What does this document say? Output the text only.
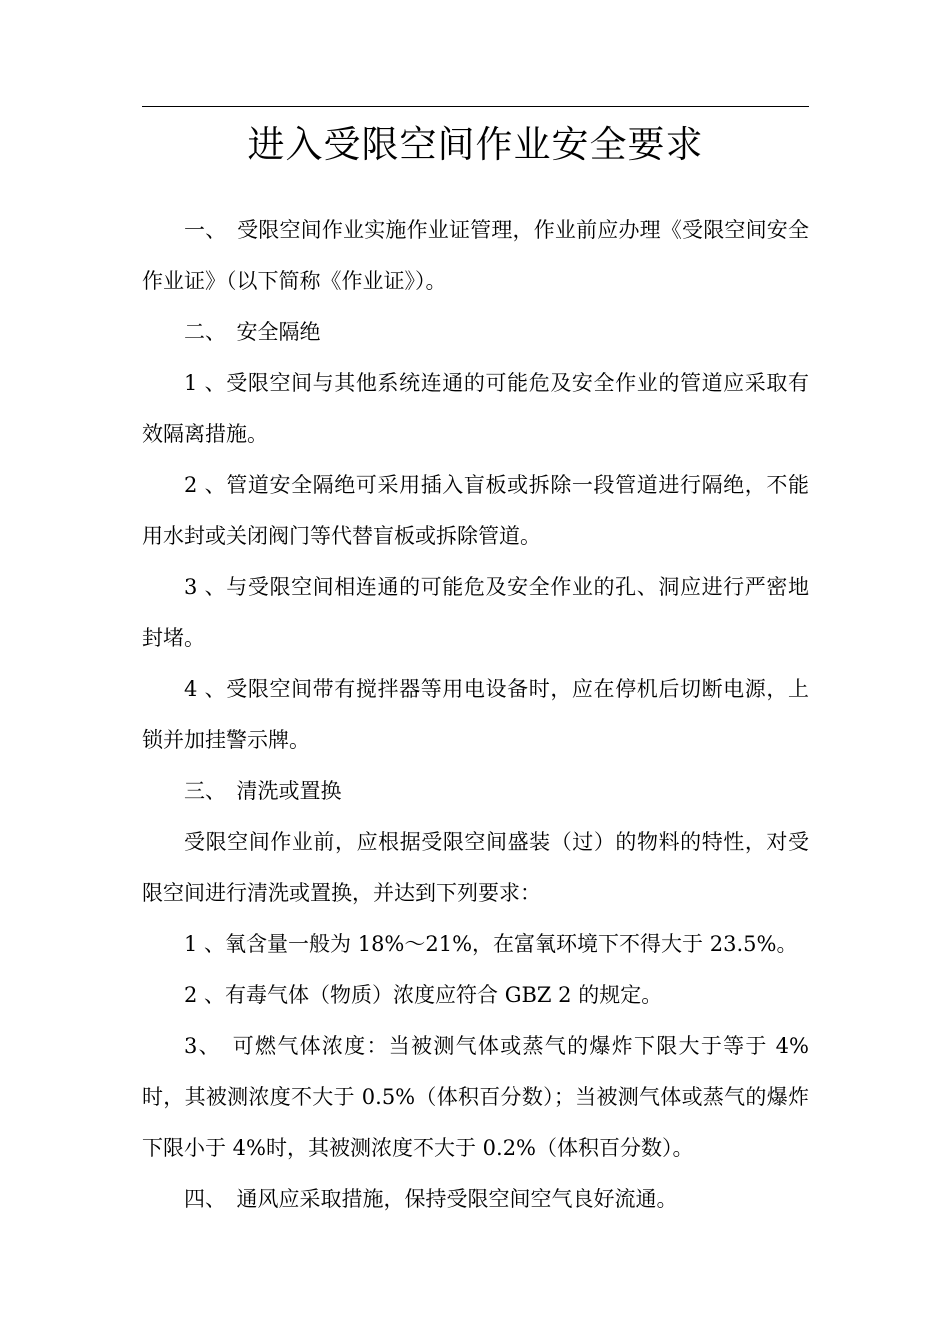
进入受限空间作业安全要求

一、　受限空间作业实施作业证管理，作业前应办理《受限空间安全作业证》（以下简称《作业证》）。

二、　安全隔绝

1 、受限空间与其他系统连通的可能危及安全作业的管道应采取有效隔离措施。

2 、管道安全隔绝可采用插入盲板或拆除一段管道进行隔绝，不能用水封或关闭阀门等代替盲板或拆除管道。

3 、与受限空间相连通的可能危及安全作业的孔、洞应进行严密地封堵。

4 、受限空间带有搅拌器等用电设备时，应在停机后切断电源，上锁并加挂警示牌。

三、　清洗或置换

受限空间作业前，应根据受限空间盛装（过）的物料的特性，对受限空间进行清洗或置换，并达到下列要求：

1 、氧含量一般为 18%～21%，在富氧环境下不得大于 23.5%。

2 、有毒气体（物质）浓度应符合 GBZ 2 的规定。

3、　可燃气体浓度：当被测气体或蒸气的爆炸下限大于等于 4% 时，其被测浓度不大于 0.5%（体积百分数）；当被测气体或蒸气的爆炸下限小于 4%时，其被测浓度不大于 0.2%（体积百分数）。

四、　通风应采取措施，保持受限空间空气良好流通。
